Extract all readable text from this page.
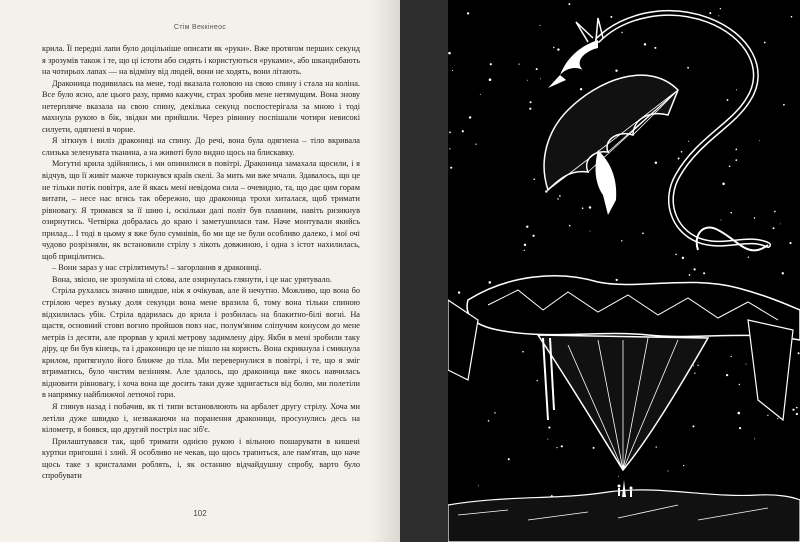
Стім Веккінеос

крила. Її передні лапи було доцільніше описати як «руки». Вже протягом перших секунд я зрозумів також і те, що ці істоти або сидять і користуються «руками», або шкандибають на чотирьох лапах — на відміну від людей, вони не ходять, вони літають.

Драконица подивилась на мене, тоді вказала головою на свою спину і стала на коліна. Все було ясно, але цього разу, прямо кажучи, страх зробив мене нетямущим. Вона знову нетерпляче вказала на свою спину, декілька секунд поспостерігала за мною і тоді махнула рукою в бік, звідки ми прийшли. Через рівнину поспішали чотири невисокі силуети, одягнені в чорне.

Я зіткнув і виліз дракониці на спину. До речі, вона була одягнена – тіло вкривала слизька зеленувата тканина, а на животі було видно щось на блискавку.

Могутні крила здійнялись, і ми опинилися в повітрі. Драконица замахала щосили, і я відчув, що її живіт мажче торкнувся країв скелі. За мить ми вже мчали. Здавалось, що це не тільки потік повітря, але й якась мені невідома сила – очевидно, та, що дає цим горам витати, – несе нас вгись так обережно, що драконица трохи хиталася, щоб тримати рівновагу. Я тримався за її шию і, оскільки далі політ був плавним, навіть ризикнув озирнутись. Четвірка добралась до краю і заметушилася там. Наче монтували якийсь прилад... І тоді в цьому я вже було сумнівів, бо ми ще не були особливо далеко, і мої очі чудово розрізняли, як встановили стрілу з лікоть довжиною, і одна з істот нахилилась, щоб прицілитись.

– Вони зараз у нас стрілятимуть! – загорланив я дракониці.

Вона, звісно, не зрозуміла ні слова, але озирнулась глянути, і це нас урятувало.

Стріла рухалась значно швидше, ніж я очікував, але й нечутно. Можливо, що вона бо стрілою через вузьку доля секунди вона мене вразила б, тому вона тільки спиною відхилилась убік. Стріла вдарилась до крила і розбилась на блакитно-білі вогні. На щастя, основний стовп вогню пройшов повз нас, полум'яним сліпучим конусом до мене метрів із десяти, але прорвав у крилі метрову задимлену діру. Якби в мені зробили таку діру, це би був кінець, та і драконицю це не пішло на користь. Вона скрикнула і смикнула крилом, притягнуло його ближче до тіла. Ми перевернулися в повітрі, і те, що я зміг втриматись, було чистим везінням. Але здалось, що драконица вже якось навчилась відновити рівновагу, і хоча вона ще досить таки дуже здригається від болю, ми полетіли в напрямку найближчої летючої гори.

Я глянув назад і побачив, як ті типи встановлюють на арбалет другу стрілу. Хоча ми летіли дуже швидко і, незважаючи на поранення драконици, просунулись десь на кілометр, я боявся, що другий постріл нас зіб'є.

Прилаштувався так, щоб тримати однією рукою і вільною пошарувати в кишені куртки пригошні і злий. Я особливо не чекав, що щось трапиться, але пам'ятав, що наче щось таке з кристалами роблять, і, як останню відчайдушну спробу, варто було спробувати

102
